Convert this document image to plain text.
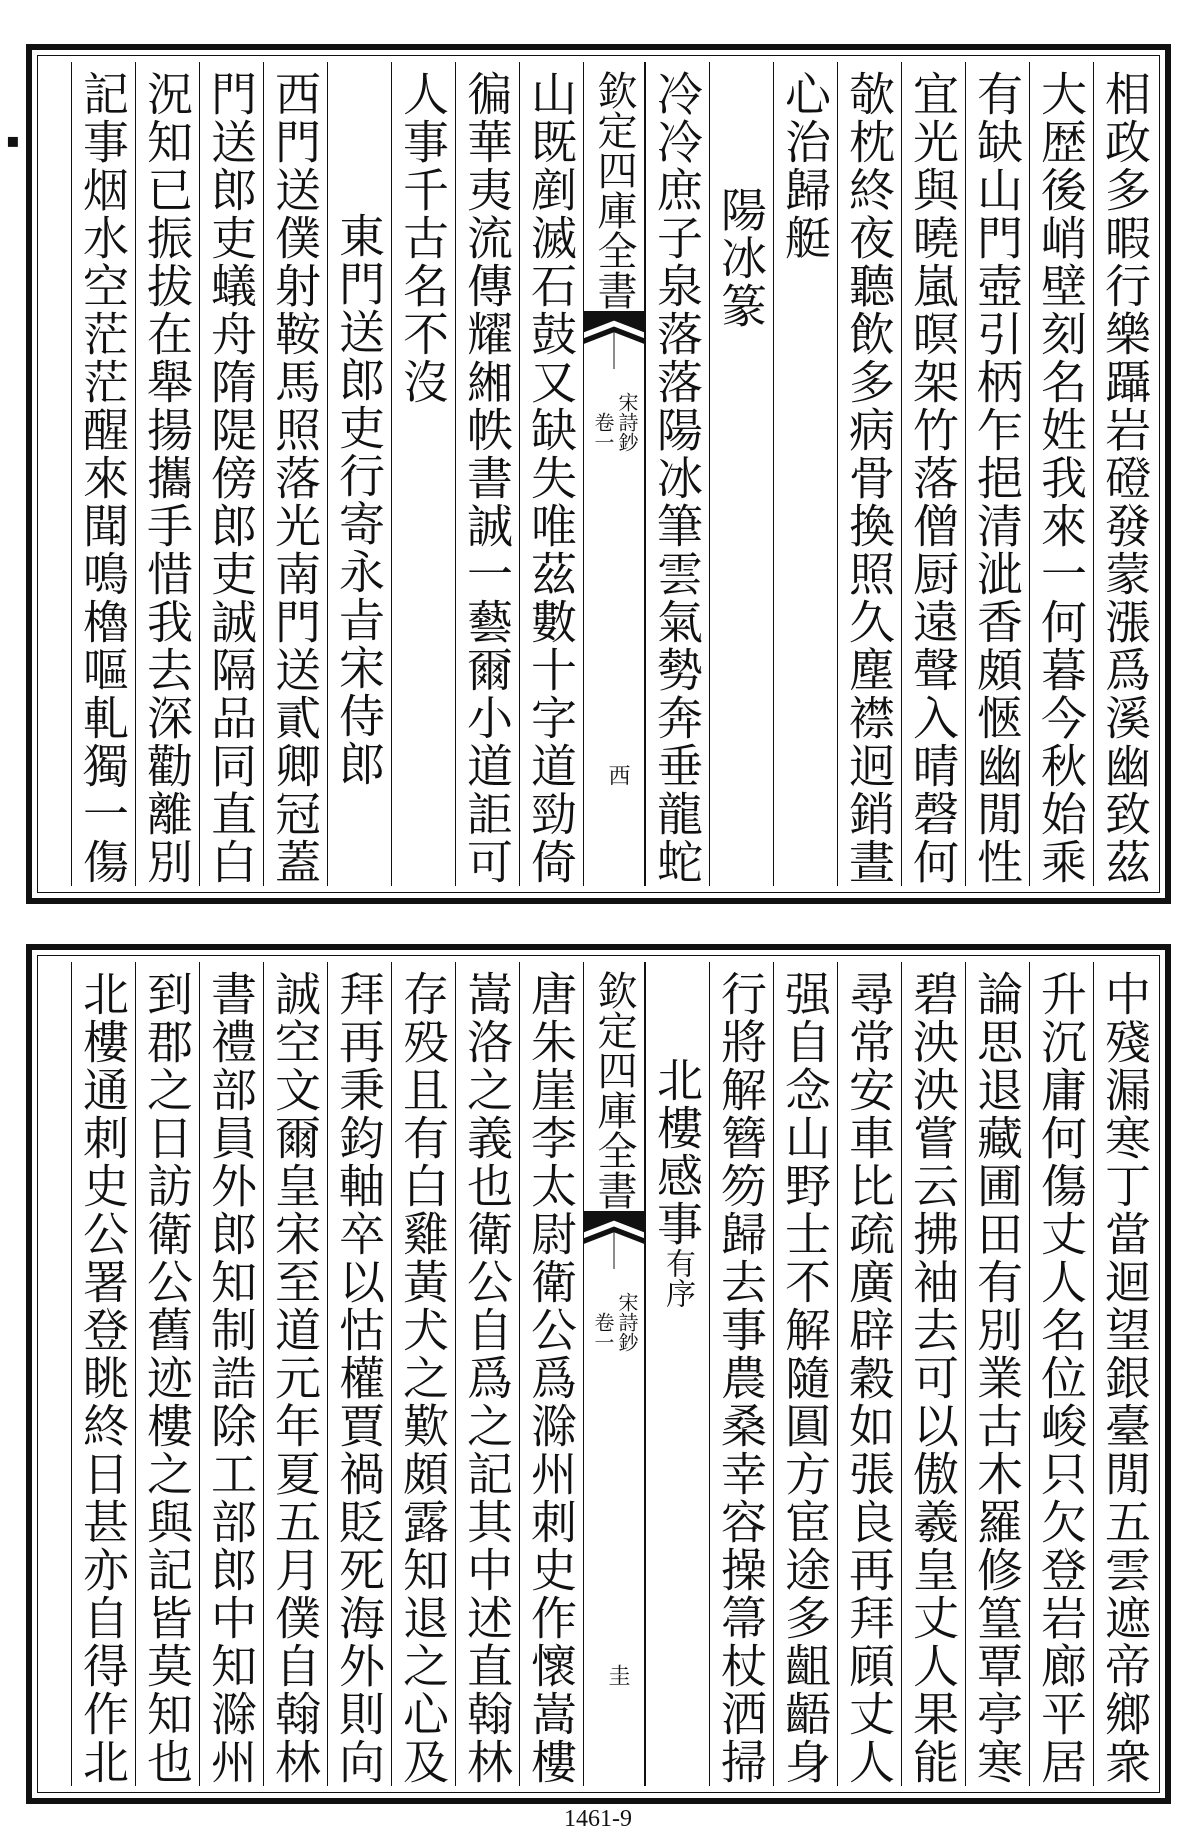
▪
相政多暇行樂躡岩磴發蒙漲爲溪幽致茲
大歴後峭壁刻名姓我來一何暮今秋始乘
有缺山門壺引柄乍挹清泚香頗愜幽閒性
宜光與曉嵐暝架竹落僧厨遠聲入晴磬何
欹枕終夜聽飲多病骨換照久塵襟迥銷晝
心治歸艇
陽冰篆
冷冷庶子泉落落陽冰筆雲氣勢奔垂龍蛇
欽定四庫全書
宋詩鈔
卷一
西
山既剷滅石鼓又缺失唯茲數十字道勁倚
徧華夷流傳耀緗帙書誠一藝爾小道詎可
人事千古名不沒
東門送郎吏行寄永㫖宋侍郎
西門送僕射鞍馬照落光南門送貳卿冠蓋
門送郎吏蟻舟隋隄傍郎吏誠隔品同直白
況知已振拔在舉揚攜手惜我去深勸離別
記事烟水空茫茫醒來聞鳴櫓嘔軋獨一傷
中殘漏寒丁當迴望銀臺閒五雲遮帝鄉衆
升沉庸何傷丈人名位峻只欠登岩廊平居
論思退藏圃田有別業古木羅修篁覃亭寒
碧泱泱嘗云拂袖去可以傲羲皇丈人果能
尋常安車比疏廣辟穀如張良再拜頋丈人
强自念山野士不解隨圓方宦途多齟齬身
行將解簪笏歸去事農桑幸容操箒杖洒掃
北樓感事有序
欽定四庫全書
宋詩鈔
卷一
圭
唐朱崖李太尉衛公爲滁州刺史作懷嵩樓
嵩洛之義也衛公自爲之記其中述直翰林
存殁且有白雞黃犬之歎頗露知退之心及
拜再秉鈞軸卒以怙權賈禍貶死海外則向
誠空文爾皇宋至道元年夏五月僕自翰林
書禮部員外郎知制誥除工部郎中知滁州
到郡之日訪衛公舊迹樓之與記皆莫知也
北樓通刺史公署登眺終日甚亦自得作北
1461-9
